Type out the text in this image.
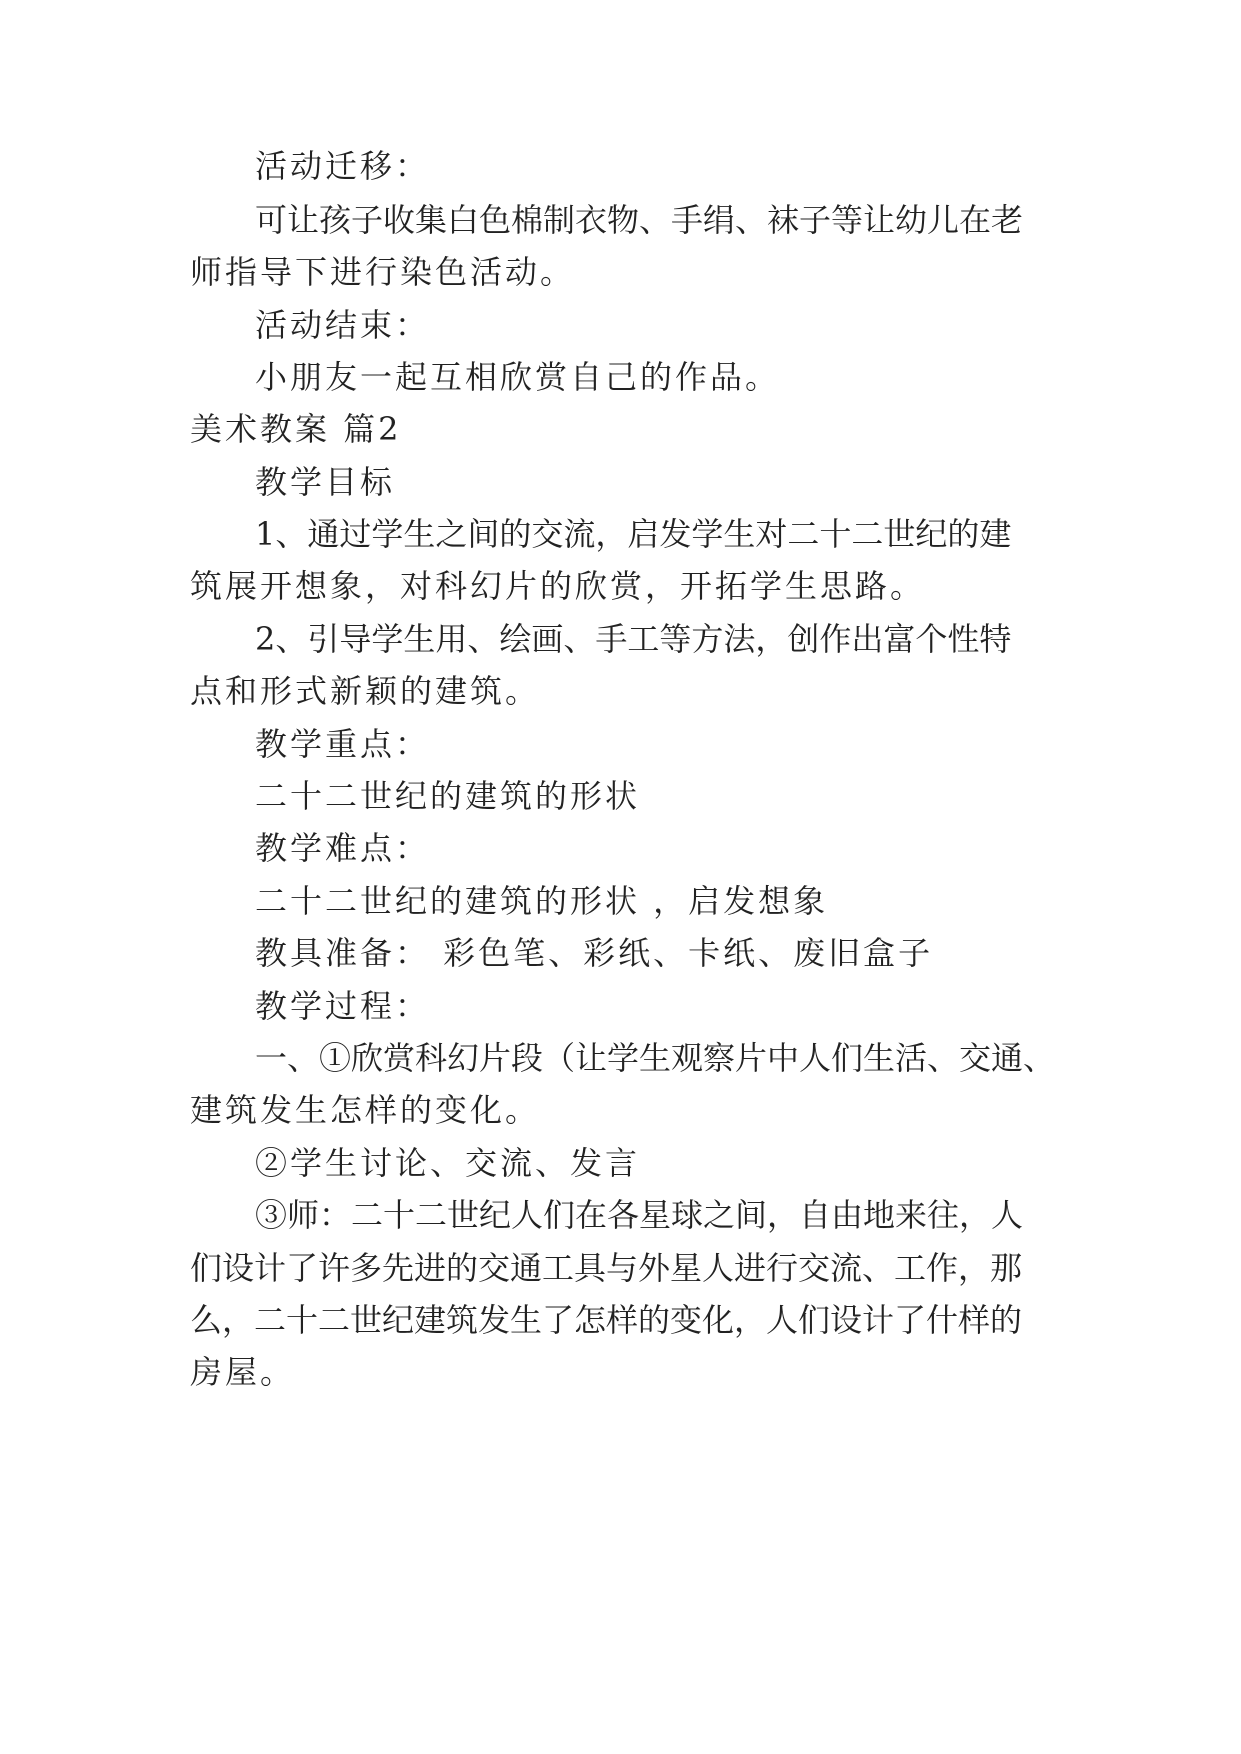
活动迁移：
可让孩子收集白色棉制衣物、手绢、袜子等让幼儿在老
师指导下进行染色活动。
活动结束：
小朋友一起互相欣赏自己的作品。
美术教案 篇2
教学目标
1、通过学生之间的交流，启发学生对二十二世纪的建
筑展开想象，对科幻片的欣赏，开拓学生思路。
2、引导学生用、绘画、手工等方法，创作出富个性特
点和形式新颖的建筑。
教学重点：
二十二世纪的建筑的形状
教学难点：
二十二世纪的建筑的形状 ，启发想象
教具准备： 彩色笔、彩纸、卡纸、废旧盒子
教学过程：
一、①欣赏科幻片段（让学生观察片中人们生活、交通、
建筑发生怎样的变化。
②学生讨论、交流、发言
③师：二十二世纪人们在各星球之间，自由地来往，人
们设计了许多先进的交通工具与外星人进行交流、工作，那
么，二十二世纪建筑发生了怎样的变化，人们设计了什样的
房屋。
